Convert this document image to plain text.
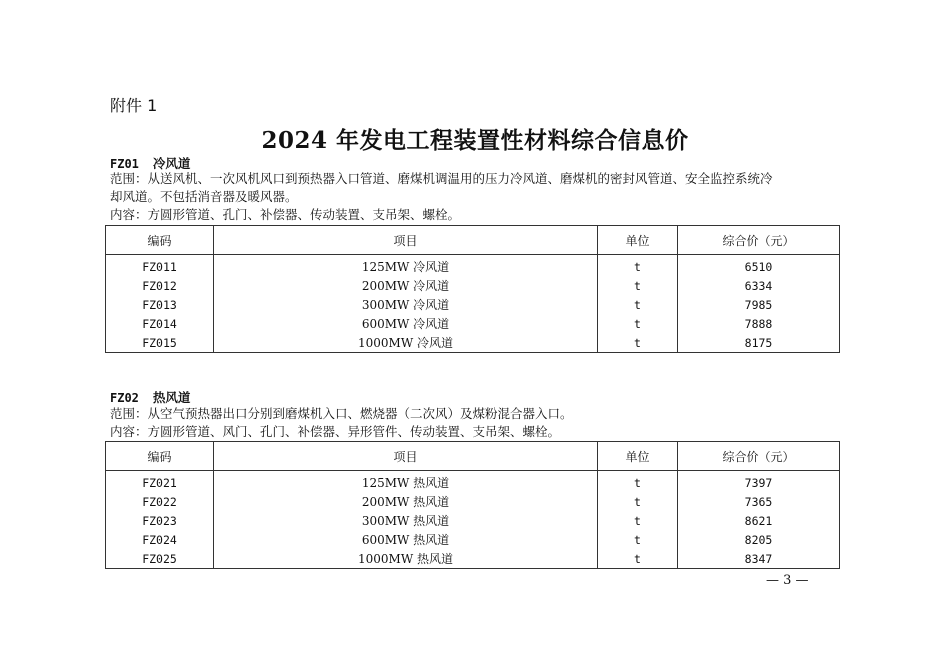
附件 1
2024 年发电工程装置性材料综合信息价
FZ01 冷风道
范围：从送风机、一次风机风口到预热器入口管道、磨煤机调温用的压力冷风道、磨煤机的密封风管道、安全监控系统冷
却风道。不包括消音器及暖风器。
内容：方圆形管道、孔门、补偿器、传动装置、支吊架、螺栓。
编码	项目	单位	综合价（元）
FZ011	125MW 冷风道	t	6510
FZ012	200MW 冷风道	t	6334
FZ013	300MW 冷风道	t	7985
FZ014	600MW 冷风道	t	7888
FZ015	1000MW 冷风道	t	8175
FZ02 热风道
范围：从空气预热器出口分别到磨煤机入口、燃烧器（二次风）及煤粉混合器入口。
内容：方圆形管道、风门、孔门、补偿器、异形管件、传动装置、支吊架、螺栓。
编码	项目	单位	综合价（元）
FZ021	125MW 热风道	t	7397
FZ022	200MW 热风道	t	7365
FZ023	300MW 热风道	t	8621
FZ024	600MW 热风道	t	8205
FZ025	1000MW 热风道	t	8347
— 3 —
